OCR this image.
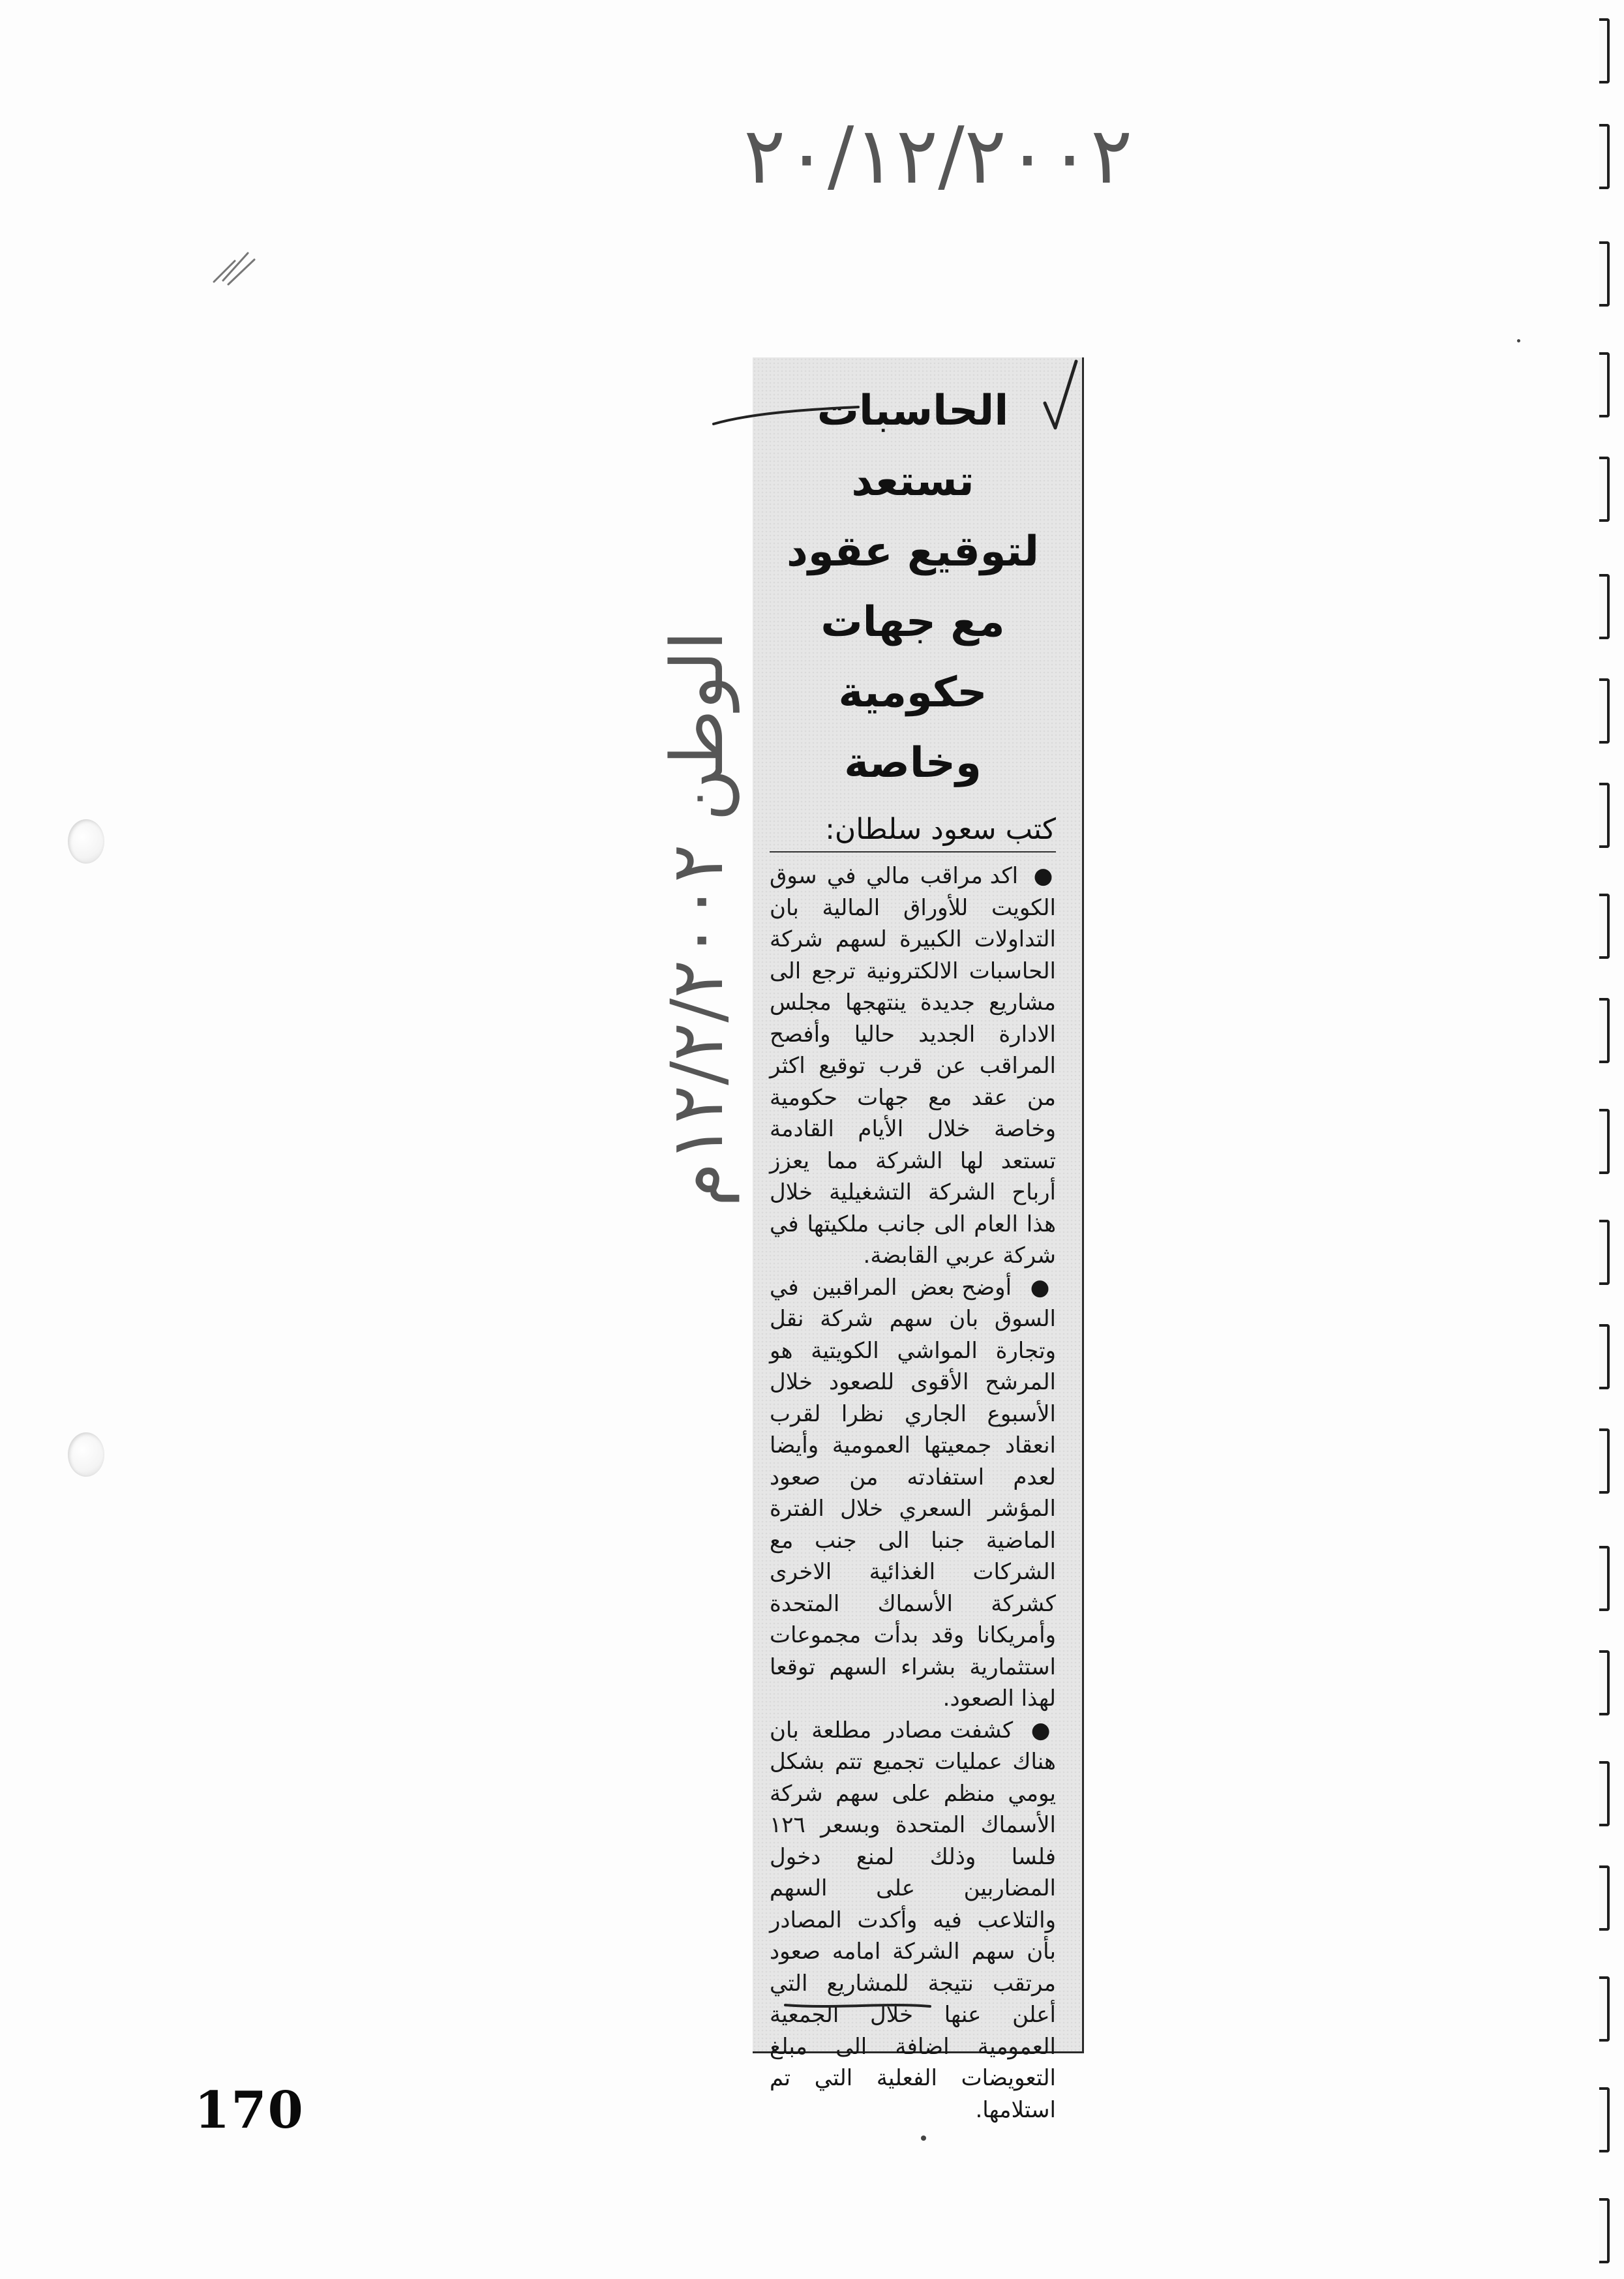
٢٠/١٢/٢٠٠٢
الوطن ١٢/٢/٢٠٠٢م
الحاسبات تستعد
لتوقيع عقود مع جهات
حكومية وخاصة
كتب سعود سلطان:

● اكد مراقب مالي في سوق الكويت للأوراق المالية بان التداولات الكبيرة لسهم شركة الحاسبات الالكترونية ترجع الى مشاريع جديدة ينتهجها مجلس الادارة الجديد حاليا وأفصح المراقب عن قرب توقيع اكثر من عقد مع جهات حكومية وخاصة خلال الأيام القادمة تستعد لها الشركة مما يعزز أرباح الشركة التشغيلية خلال هذا العام الى جانب ملكيتها في شركة عربي القابضة.

● أوضح بعض المراقبين في السوق بان سهم شركة نقل وتجارة المواشي الكويتية هو المرشح الأقوى للصعود خلال الأسبوع الجاري نظرا لقرب انعقاد جمعيتها العمومية وأيضا لعدم استفادته من صعود المؤشر السعري خلال الفترة الماضية جنبا الى جنب مع الشركات الغذائية الاخرى كشركة الأسماك المتحدة وأمريكانا وقد بدأت مجموعات استثمارية بشراء السهم توقعا لهذا الصعود.

● كشفت مصادر مطلعة بان هناك عمليات تجميع تتم بشكل يومي منظم على سهم شركة الأسماك المتحدة وبسعر ١٢٦ فلسا وذلك لمنع دخول المضاربين على السهم والتلاعب فيه وأكدت المصادر بأن سهم الشركة امامه صعود مرتقب نتيجة للمشاريع التي أعلن عنها خلال الجمعية العمومية اضافة الى مبلغ التعويضات الفعلية التي تم استلامها.

170
